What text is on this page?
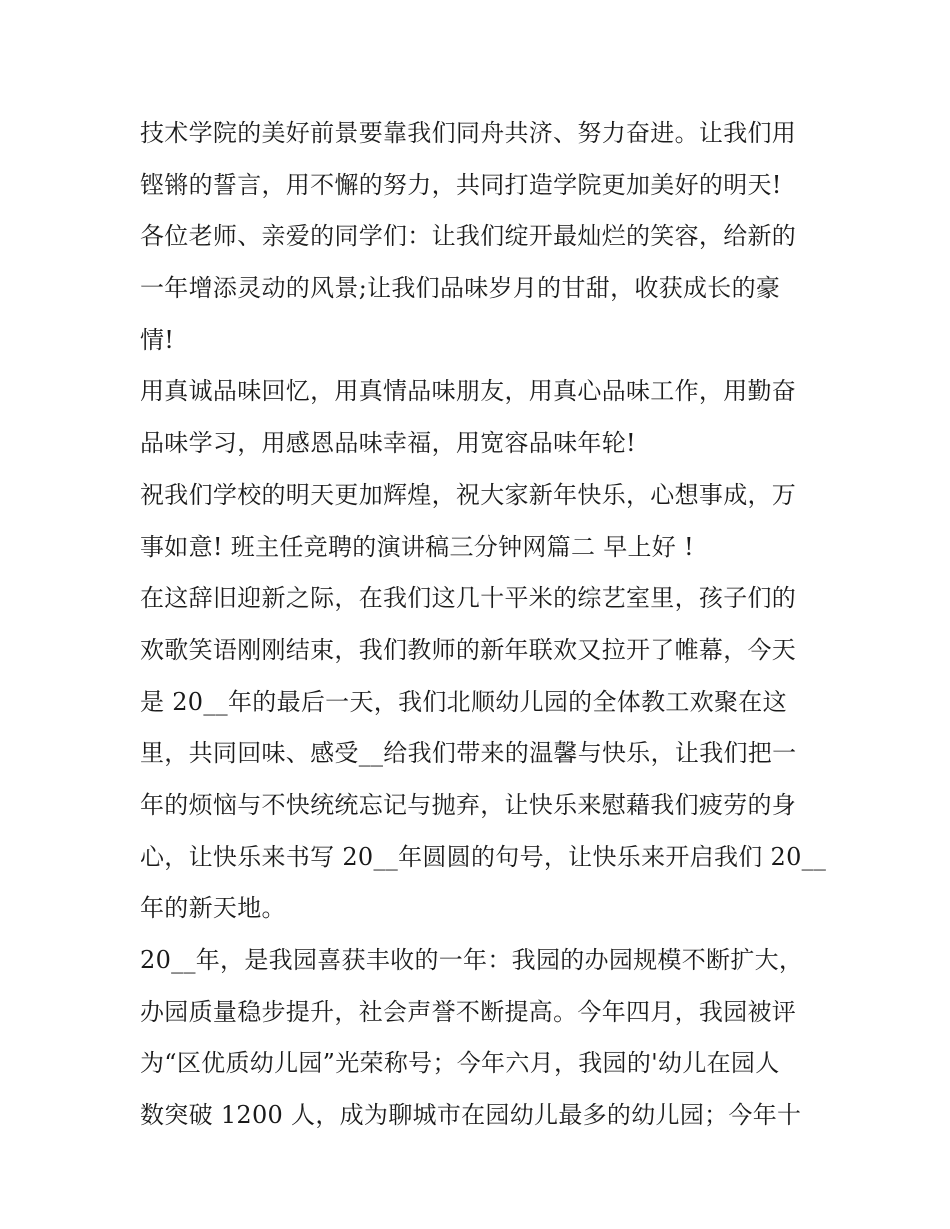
技术学院的美好前景要靠我们同舟共济、努力奋进。让我们用
铿锵的誓言，用不懈的努力，共同打造学院更加美好的明天!
各位老师、亲爱的同学们：让我们绽开最灿烂的笑容，给新的
一年增添灵动的风景;让我们品味岁月的甘甜，收获成长的豪
情!
用真诚品味回忆，用真情品味朋友，用真心品味工作，用勤奋
品味学习，用感恩品味幸福，用宽容品味年轮!
祝我们学校的明天更加辉煌，祝大家新年快乐，心想事成，万
事如意! 班主任竞聘的演讲稿三分钟网篇二 早上好 !
在这辞旧迎新之际，在我们这几十平米的综艺室里，孩子们的
欢歌笑语刚刚结束，我们教师的新年联欢又拉开了帷幕，今天
是 20__年的最后一天，我们北顺幼儿园的全体教工欢聚在这
里，共同回味、感受__给我们带来的温馨与快乐，让我们把一
年的烦恼与不快统统忘记与抛弃，让快乐来慰藉我们疲劳的身
心，让快乐来书写 20__年圆圆的句号，让快乐来开启我们 20__
年的新天地。
20__年，是我园喜获丰收的一年：我园的办园规模不断扩大，
办园质量稳步提升，社会声誉不断提高。今年四月，我园被评
为“区优质幼儿园”光荣称号；今年六月，我园的'幼儿在园人
数突破 1200 人，成为聊城市在园幼儿最多的幼儿园；今年十
